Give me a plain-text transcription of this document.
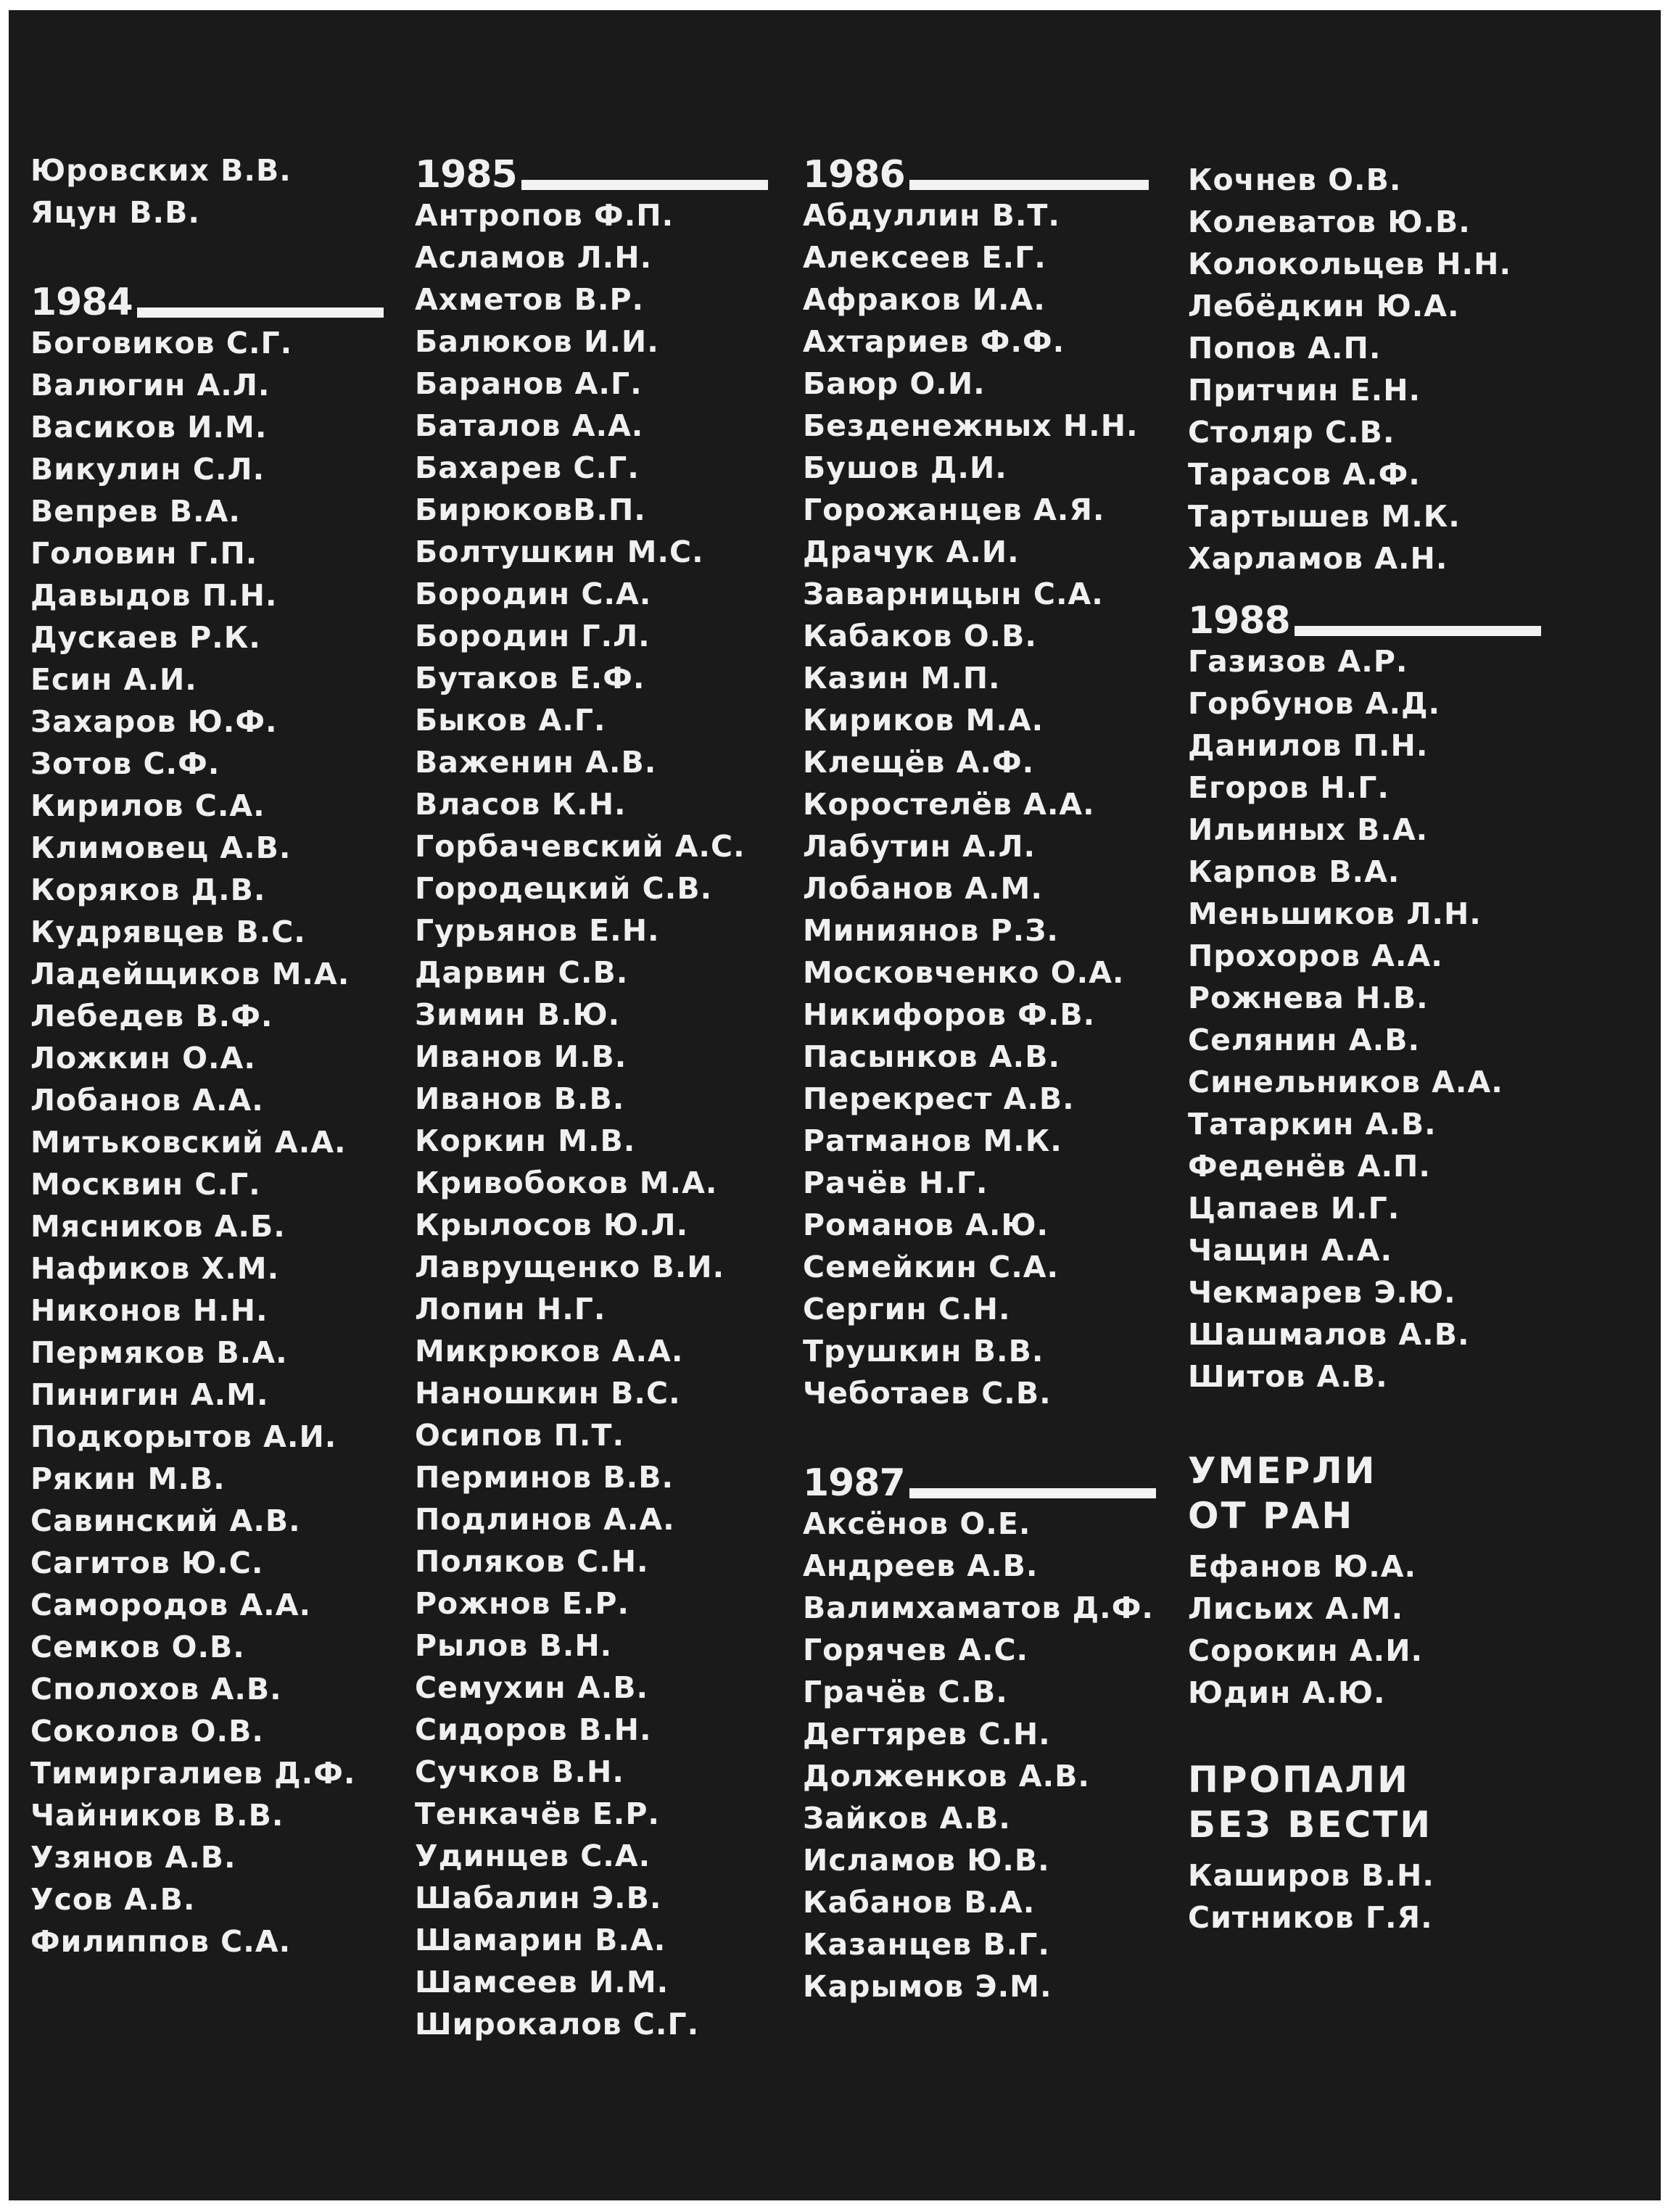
Юровских В.В.
Яцун В.В.
1984
Боговиков С.Г.
Валюгин А.Л.
Васиков И.М.
Викулин С.Л.
Вепрев В.А.
Головин Г.П.
Давыдов П.Н.
Дускаев Р.К.
Есин А.И.
Захаров Ю.Ф.
Зотов С.Ф.
Кирилов С.А.
Климовец А.В.
Коряков Д.В.
Кудрявцев В.С.
Ладейщиков М.А.
Лебедев В.Ф.
Ложкин О.А.
Лобанов А.А.
Митьковский А.А.
Москвин С.Г.
Мясников А.Б.
Нафиков Х.М.
Никонов Н.Н.
Пермяков В.А.
Пинигин А.М.
Подкорытов А.И.
Рякин М.В.
Савинский А.В.
Сагитов Ю.С.
Самородов А.А.
Семков О.В.
Сполохов А.В.
Соколов О.В.
Тимиргалиев Д.Ф.
Чайников В.В.
Узянов А.В.
Усов А.В.
Филиппов С.А.
1985
Антропов Ф.П.
Асламов Л.Н.
Ахметов В.Р.
Балюков И.И.
Баранов А.Г.
Баталов А.А.
Бахарев С.Г.
БирюковВ.П.
Болтушкин М.С.
Бородин С.А.
Бородин Г.Л.
Бутаков Е.Ф.
Быков А.Г.
Важенин А.В.
Власов К.Н.
Горбачевский А.С.
Городецкий С.В.
Гурьянов Е.Н.
Дарвин С.В.
Зимин В.Ю.
Иванов И.В.
Иванов В.В.
Коркин М.В.
Кривобоков М.А.
Крылосов Ю.Л.
Лаврущенко В.И.
Лопин Н.Г.
Микрюков А.А.
Наношкин В.С.
Осипов П.Т.
Перминов В.В.
Подлинов А.А.
Поляков С.Н.
Рожнов Е.Р.
Рылов В.Н.
Семухин А.В.
Сидоров В.Н.
Сучков В.Н.
Тенкачёв Е.Р.
Удинцев С.А.
Шабалин Э.В.
Шамарин В.А.
Шамсеев И.М.
Широкалов С.Г.
1986
Абдуллин В.Т.
Алексеев Е.Г.
Афраков И.А.
Ахтариев Ф.Ф.
Баюр О.И.
Безденежных Н.Н.
Бушов Д.И.
Горожанцев А.Я.
Драчук А.И.
Заварницын С.А.
Кабаков О.В.
Казин М.П.
Кириков М.А.
Клещёв А.Ф.
Коростелёв А.А.
Лабутин А.Л.
Лобанов А.М.
Миниянов Р.З.
Московченко О.А.
Никифоров Ф.В.
Пасынков А.В.
Перекрест А.В.
Ратманов М.К.
Рачёв Н.Г.
Романов А.Ю.
Семейкин С.А.
Сергин С.Н.
Трушкин В.В.
Чеботаев С.В.
1987
Аксёнов О.Е.
Андреев А.В.
Валимхаматов Д.Ф.
Горячев А.С.
Грачёв С.В.
Дегтярев С.Н.
Долженков А.В.
Зайков А.В.
Исламов Ю.В.
Кабанов В.А.
Казанцев В.Г.
Карымов Э.М.
Кочнев О.В.
Колеватов Ю.В.
Колокольцев Н.Н.
Лебёдкин Ю.А.
Попов А.П.
Притчин Е.Н.
Столяр С.В.
Тарасов А.Ф.
Тартышев М.К.
Харламов А.Н.
1988
Газизов А.Р.
Горбунов А.Д.
Данилов П.Н.
Егоров Н.Г.
Ильиных В.А.
Карпов В.А.
Меньшиков Л.Н.
Прохоров А.А.
Рожнева Н.В.
Селянин А.В.
Синельников А.А.
Татаркин А.В.
Феденёв А.П.
Цапаев И.Г.
Чащин А.А.
Чекмарев Э.Ю.
Шашмалов А.В.
Шитов А.В.
УМЕРЛИ
ОТ РАН
Ефанов Ю.А.
Лисьих А.М.
Сорокин А.И.
Юдин А.Ю.
ПРОПАЛИ
БЕЗ ВЕСТИ
Каширов В.Н.
Ситников Г.Я.
